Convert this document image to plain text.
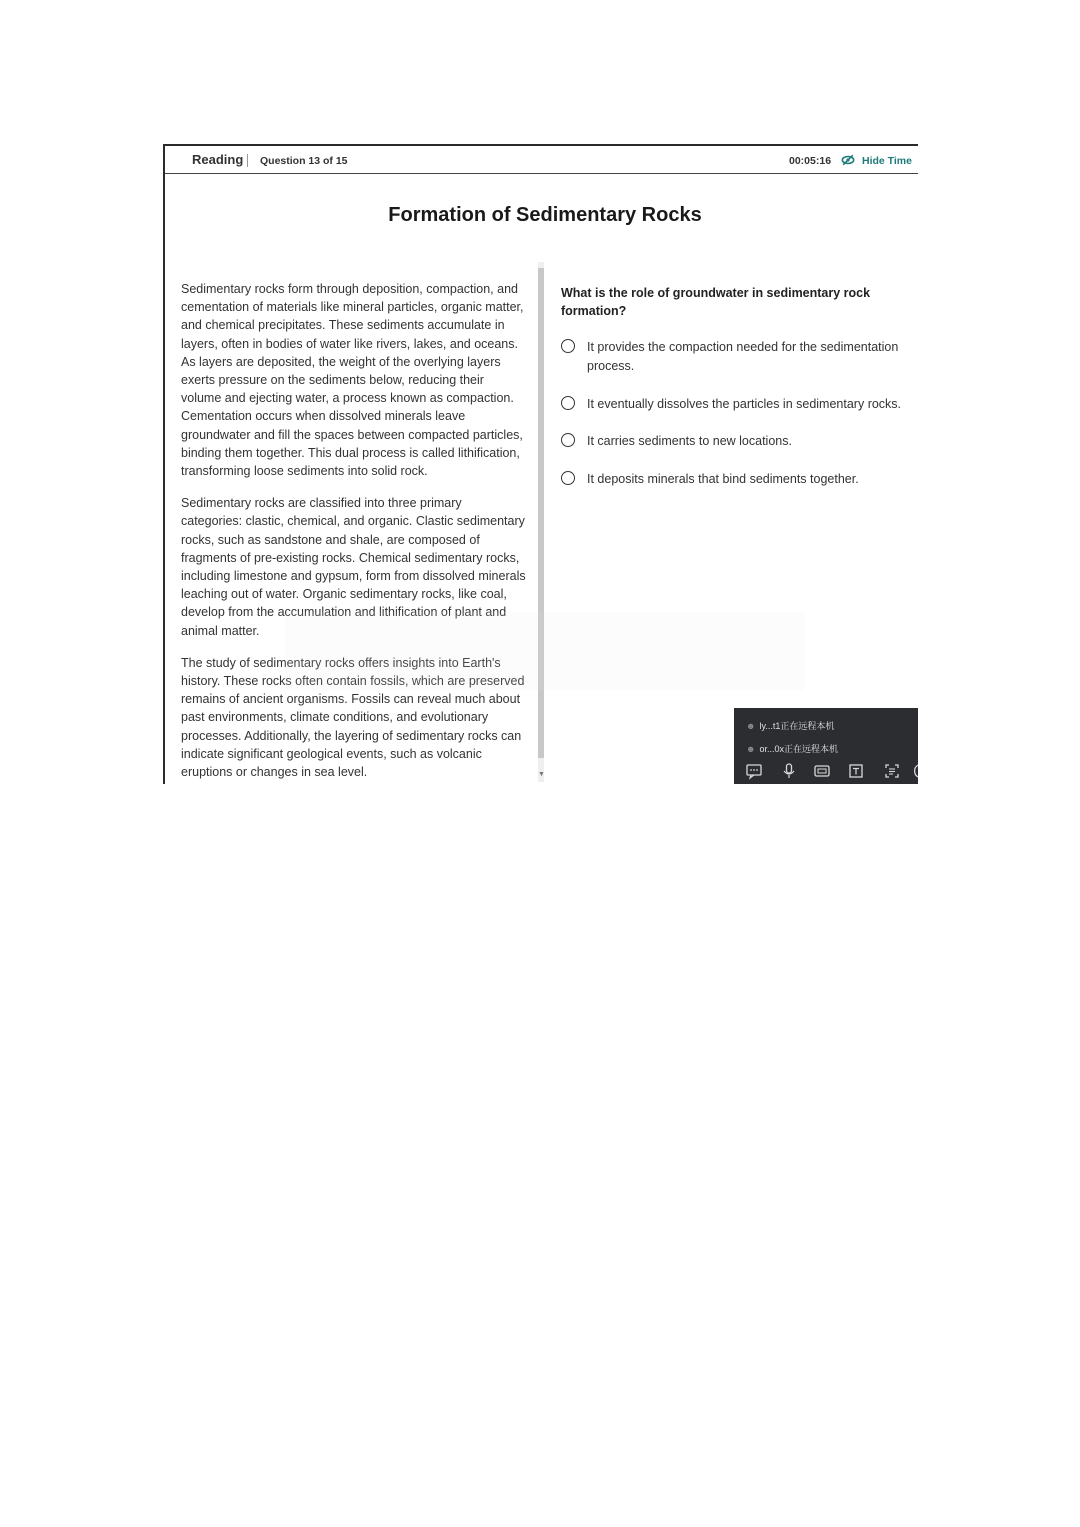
Reading Question 13 of 15	00:05:16	Hide Time
Formation of Sedimentary Rocks

Sedimentary rocks form through deposition, compaction, and cementation of materials like mineral particles, organic matter, and chemical precipitates. These sediments accumulate in layers, often in bodies of water like rivers, lakes, and oceans. As layers are deposited, the weight of the overlying layers exerts pressure on the sediments below, reducing their volume and ejecting water, a process known as compaction. Cementation occurs when dissolved minerals leave groundwater and fill the spaces between compacted particles, binding them together. This dual process is called lithification, transforming loose sediments into solid rock.

Sedimentary rocks are classified into three primary categories: clastic, chemical, and organic. Clastic sedimentary rocks, such as sandstone and shale, are composed of fragments of pre-existing rocks. Chemical sedimentary rocks, including limestone and gypsum, form from dissolved minerals leaching out of water. Organic sedimentary rocks, like coal, develop from the accumulation and lithification of plant and animal matter.

The study of sedimentary rocks offers insights into Earth's history. These rocks often contain fossils, which are preserved remains of ancient organisms. Fossils can reveal much about past environments, climate conditions, and evolutionary processes. Additionally, the layering of sedimentary rocks can indicate significant geological events, such as volcanic eruptions or changes in sea level.	▼
What is the role of groundwater in sedimentary rock formation?
It provides the compaction needed for the sedimentation process.
It eventually dissolves the particles in sedimentary rocks.
It carries sediments to new locations.
It deposits minerals that bind sediments together.
☻ ly...t1正在远程本机
☻ or...0x正在远程本机
